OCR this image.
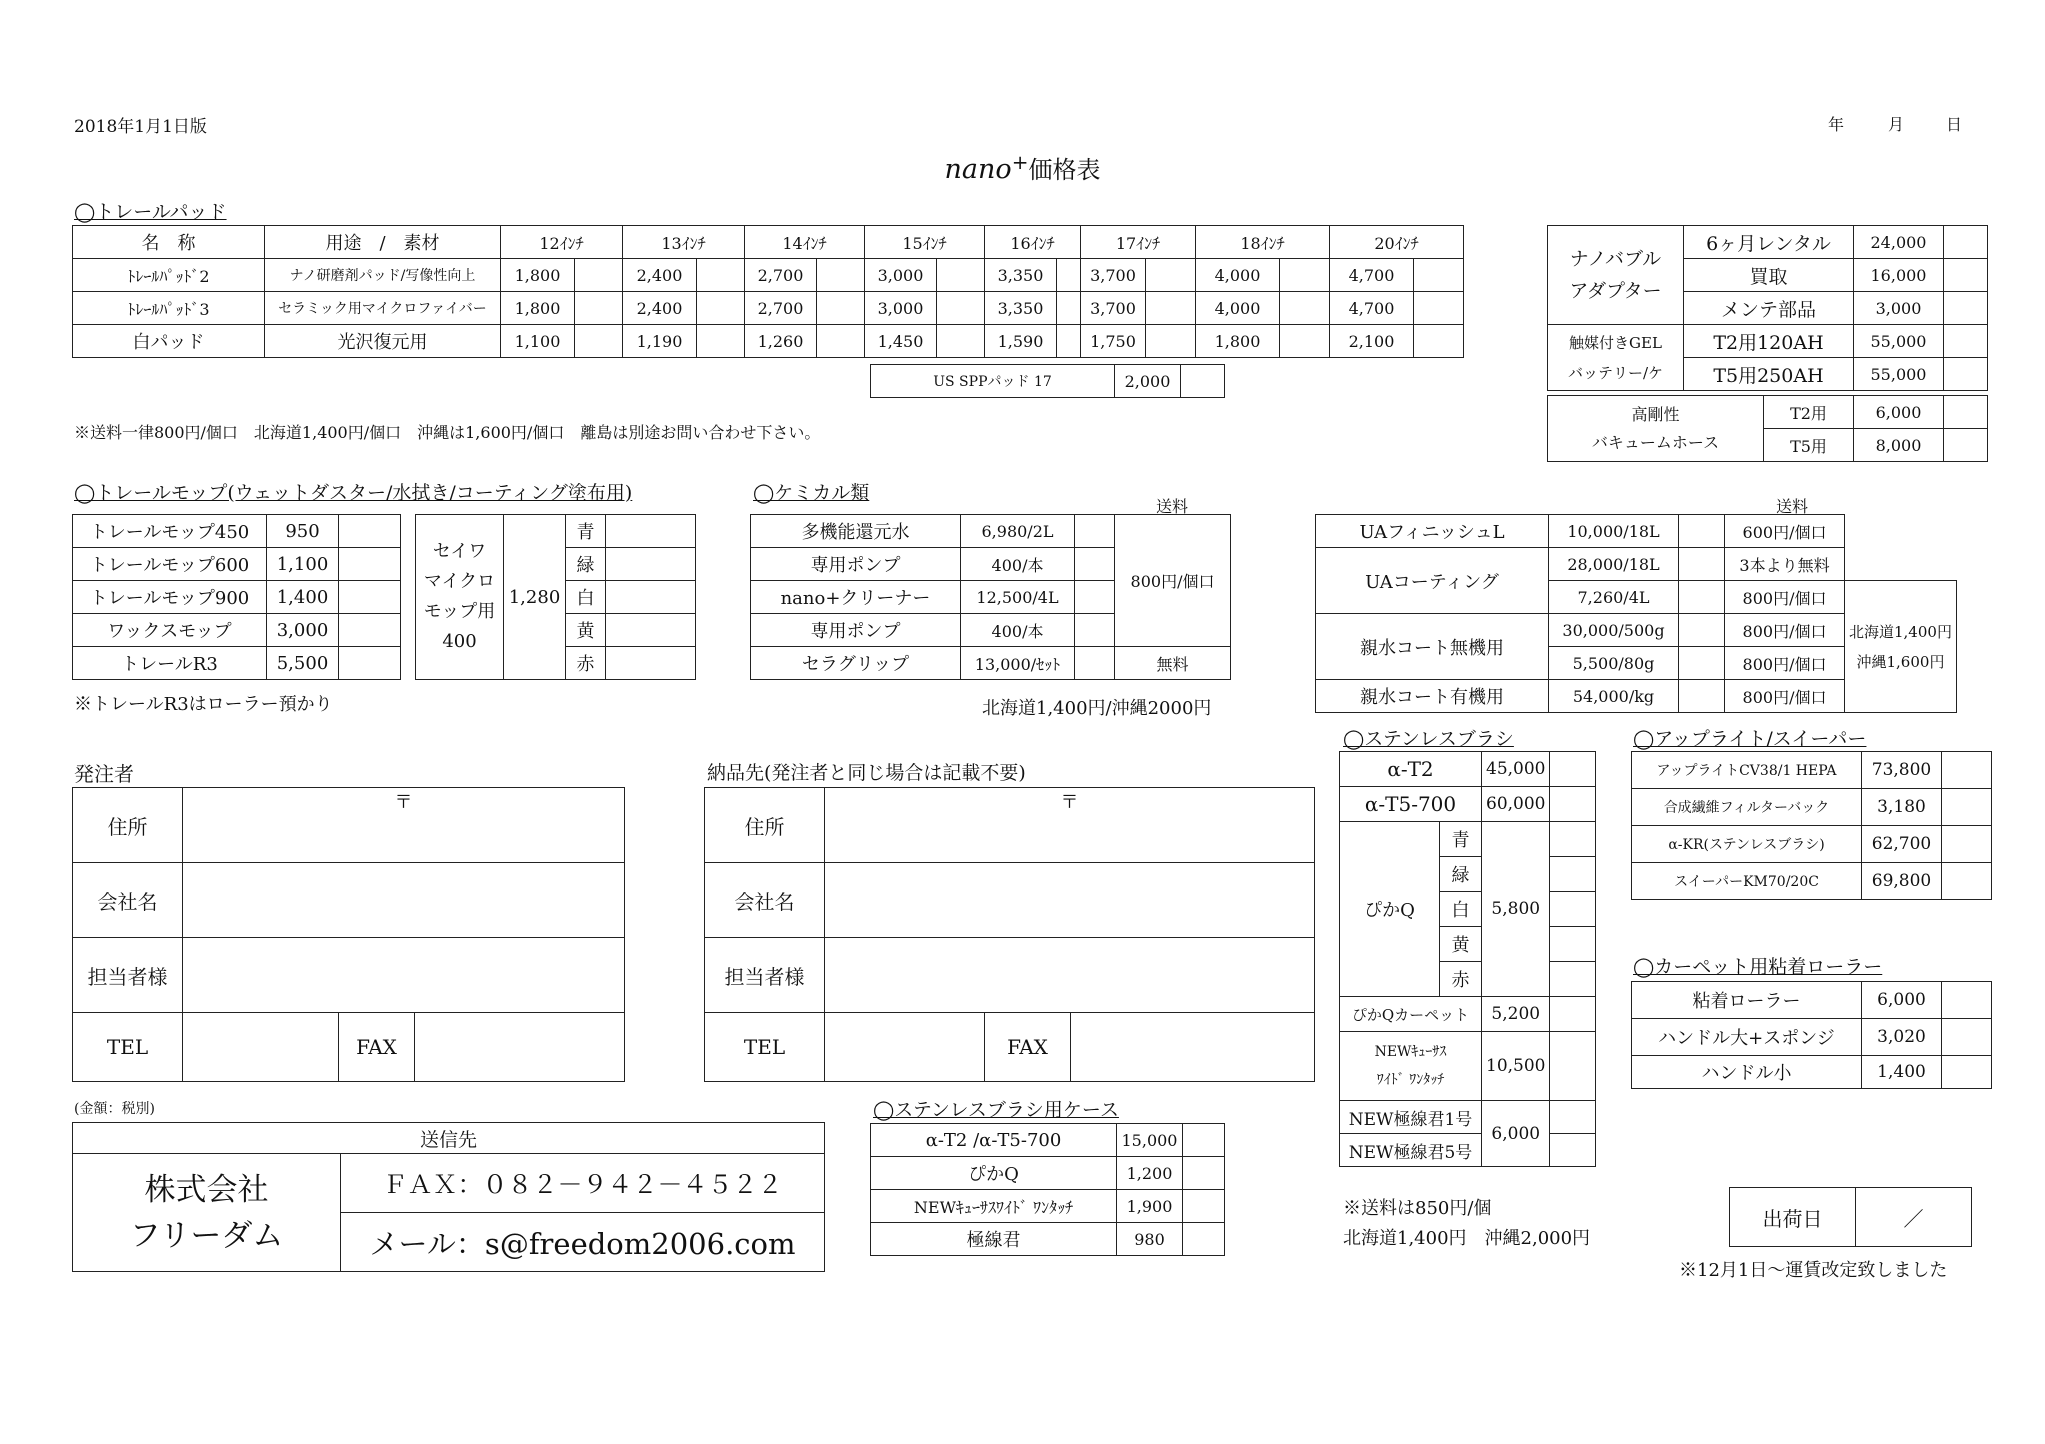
2018年1月1日版	年	月	日
nano+価格表
◯トレールパッド
名　称	用途　/　素材	12ｲﾝﾁ		13ｲﾝﾁ		14ｲﾝﾁ		15ｲﾝﾁ		16ｲﾝﾁ		17ｲﾝﾁ		18ｲﾝﾁ		20ｲﾝﾁ	
ﾄﾚｰﾙﾊﾟｯﾄﾞ2	ナノ研磨剤パッド/写像性向上	1,800		2,400		2,700		3,000		3,350		3,700		4,000		4,700	
ﾄﾚｰﾙﾊﾟｯﾄﾞ3	セラミック用マイクロファイバー	1,800		2,400		2,700		3,000		3,350		3,700		4,000		4,700	
白パッド	光沢復元用	1,100		1,190		1,260		1,450		1,590		1,750		1,800		2,100	
US SPPパッド 17	2,000	
※送料一律800円/個口　北海道1,400円/個口　沖縄は1,600円/個口　離島は別途お問い合わせ下さい。
ナノバブル
アダプター	6ヶ月レンタル	24,000	
	買取	16,000	
	メンテ部品	3,000	
触媒付きGEL
バッテリー/ケ	T2用120AH	55,000	
	T5用250AH	55,000	
高剛性
バキュームホース	T2用	6,000	
	T5用	8,000	
◯トレールモップ(ウェットダスター/水拭き/コーティング塗布用)
トレールモップ450	950	
トレールモップ600	1,100	
トレールモップ900	1,400	
ワックスモップ	3,000	
トレールR3	5,500	
※トレールR3はローラー預かり
セイワ
マイクロ
モップ用
400	1,280	青	
		緑	
		白	
		黄	
		赤	
◯ケミカル類
送料
多機能還元水	6,980/2L		800円/個口
専用ポンプ	400/本		
nano+クリーナー	12,500/4L		
専用ポンプ	400/本		
セラグリップ	13,000/ｾｯﾄ		無料
北海道1,400円/沖縄2000円
送料
UAフィニッシュL	10,000/18L		600円/個口	
UAコーティング	28,000/18L		3本より無料	
	7,260/4L		800円/個口	北海道1,400円
沖縄1,600円
親水コート無機用	30,000/500g		800円/個口	
	5,500/80g		800円/個口	
親水コート有機用	54,000/kg		800円/個口	
発注者
住所	〒		
会社名			
担当者様			
TEL		FAX	
納品先(発注者と同じ場合は記載不要)
住所	〒		
会社名			
担当者様			
TEL		FAX	
(金額：税別)
送信先
株式会社
フリーダム	ＦＡＸ：０８２－９４２－４５２２
メール：s@freedom2006.com
◯ステンレスブラシ用ケース
α-T2 /α-T5-700	15,000	
ぴかQ	1,200	
NEWｷｭｰｻｽﾜｲﾄﾞ ﾜﾝﾀｯﾁ	1,900	
極線君	980	
◯ステンレスブラシ
α-T2		45,000	
α-T5-700		60,000	
ぴかQ	青	5,800	
	緑		
	白		
	黄		
	赤		
ぴかQカーペット		5,200	
NEWｷｭｰｻｽ
ﾜｲﾄﾞ ﾜﾝﾀｯﾁ		10,500	
NEW極線君1号		6,000	
NEW極線君5号			
※送料は850円/個
北海道1,400円　沖縄2,000円
◯アップライト/スイーパー
アップライトCV38/1 HEPA	73,800	
合成繊維フィルターバック	3,180	
α-KR(ステンレスブラシ)	62,700	
スイーパーKM70/20C	69,800	
◯カーペット用粘着ローラー
粘着ローラー	6,000	
ハンドル大+スポンジ	3,020	
ハンドル小	1,400	
出荷日	／
※12月1日〜運賃改定致しました
